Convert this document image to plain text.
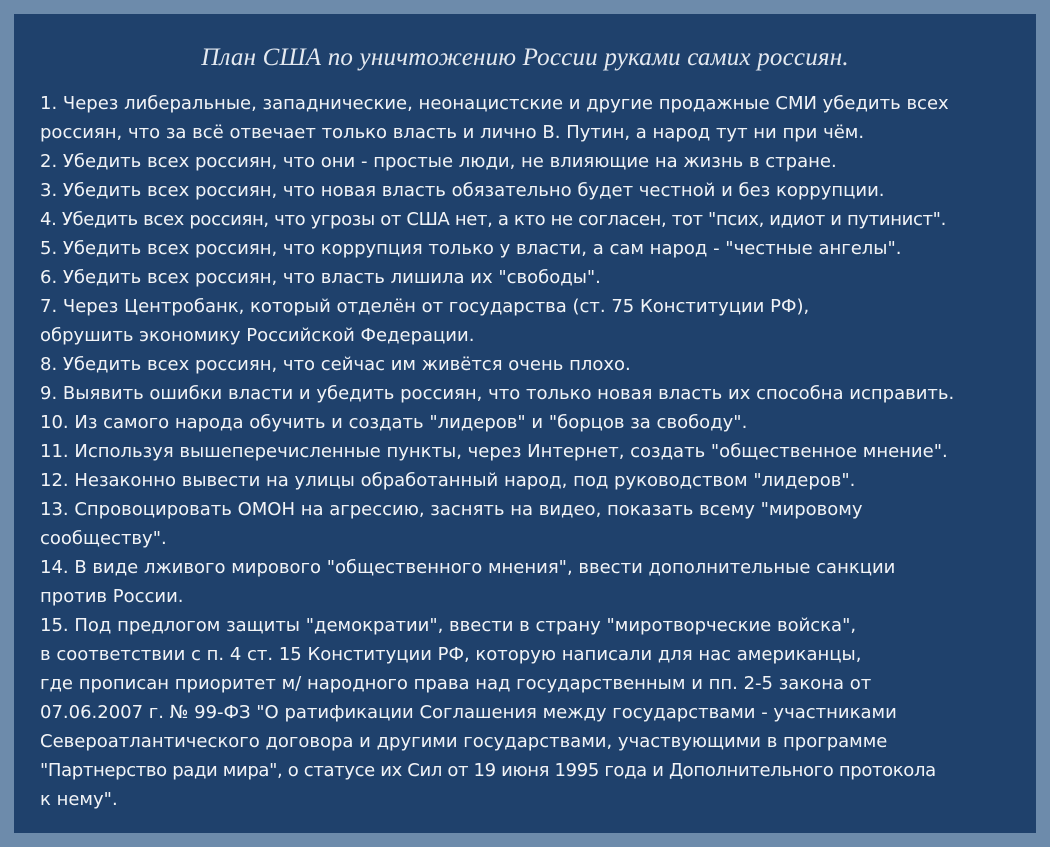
План США по уничтожению России руками самих россиян.
1. Через либеральные, западнические, неонацистские и другие продажные СМИ убедить всех
россиян, что за всё отвечает только власть и лично В. Путин, а народ тут ни при чём.
2. Убедить всех россиян, что они - простые люди, не влияющие на жизнь в стране.
3. Убедить всех россиян, что новая власть обязательно будет честной и без коррупции.
4. Убедить всех россиян, что угрозы от США нет, а кто не согласен, тот "псих, идиот и путинист".
5. Убедить всех россиян, что коррупция только у власти, а сам народ - "честные ангелы".
6. Убедить всех россиян, что власть лишила их "свободы".
7. Через Центробанк, который отделён от государства (ст. 75 Конституции РФ),
обрушить экономику Российской Федерации.
8. Убедить всех россиян, что сейчас им живётся очень плохо.
9. Выявить ошибки власти и убедить россиян, что только новая власть их способна исправить.
10. Из самого народа обучить и создать "лидеров" и "борцов за свободу".
11. Используя вышеперечисленные пункты, через Интернет, создать "общественное мнение".
12. Незаконно вывести на улицы обработанный народ, под руководством "лидеров".
13. Спровоцировать ОМОН на агрессию, заснять на видео, показать всему "мировому
сообществу".
14. В виде лживого мирового "общественного мнения", ввести дополнительные санкции
против России.
15. Под предлогом защиты "демократии", ввести в страну "миротворческие войска",
в соответствии с п. 4 ст. 15 Конституции РФ, которую написали для нас американцы,
где прописан приоритет м/ народного права над государственным и пп. 2-5 закона от
07.06.2007 г. № 99-ФЗ "О ратификации Соглашения между государствами - участниками
Североатлантического договора и другими государствами, участвующими в программе
"Партнерство ради мира", о статусе их Сил от 19 июня 1995 года и Дополнительного протокола
к нему".
